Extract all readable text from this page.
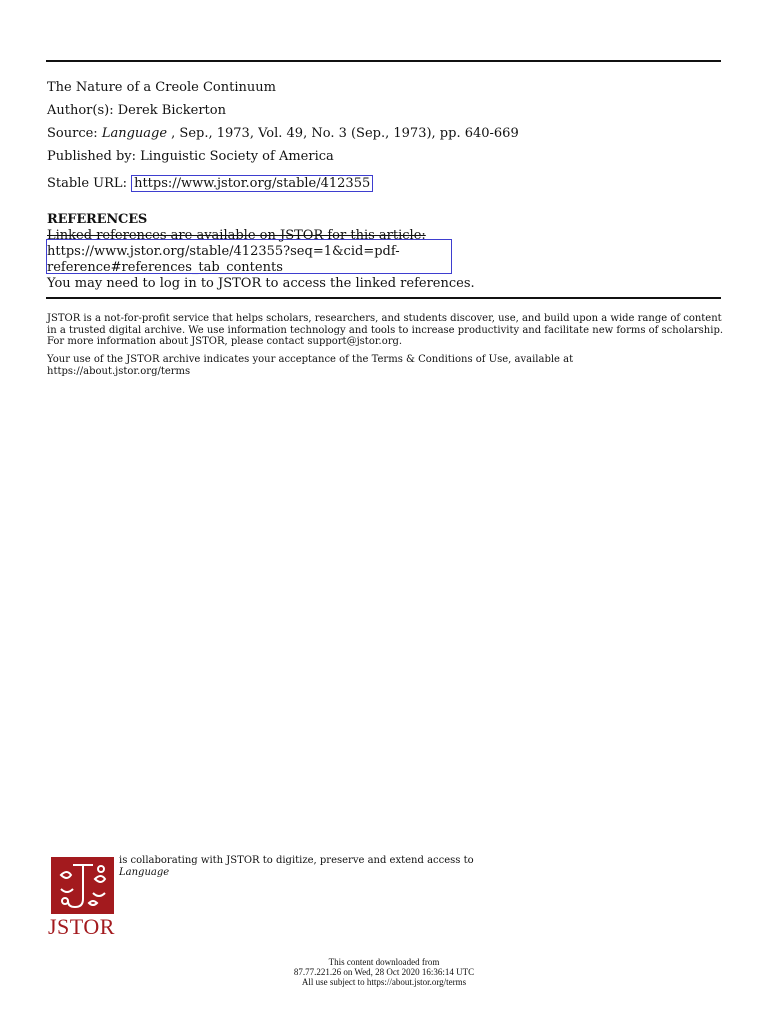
The Nature of a Creole Continuum
Author(s): Derek Bickerton
Source: Language , Sep., 1973, Vol. 49, No. 3 (Sep., 1973), pp. 640-669
Published by: Linguistic Society of America
Stable URL: https://www.jstor.org/stable/412355
REFERENCES
Linked references are available on JSTOR for this article:
https://www.jstor.org/stable/412355?seq=1&cid=pdf-
reference#references_tab_contents
You may need to log in to JSTOR to access the linked references.
JSTOR is a not-for-profit service that helps scholars, researchers, and students discover, use, and build upon a wide range of content in a trusted digital archive. We use information technology and tools to increase productivity and facilitate new forms of scholarship. For more information about JSTOR, please contact support@jstor.org.
Your use of the JSTOR archive indicates your acceptance of the Terms & Conditions of Use, available at https://about.jstor.org/terms
JSTOR
is collaborating with JSTOR to digitize, preserve and extend access to
Language
This content downloaded from
87.77.221.26 on Wed, 28 Oct 2020 16:36:14 UTC
All use subject to https://about.jstor.org/terms
